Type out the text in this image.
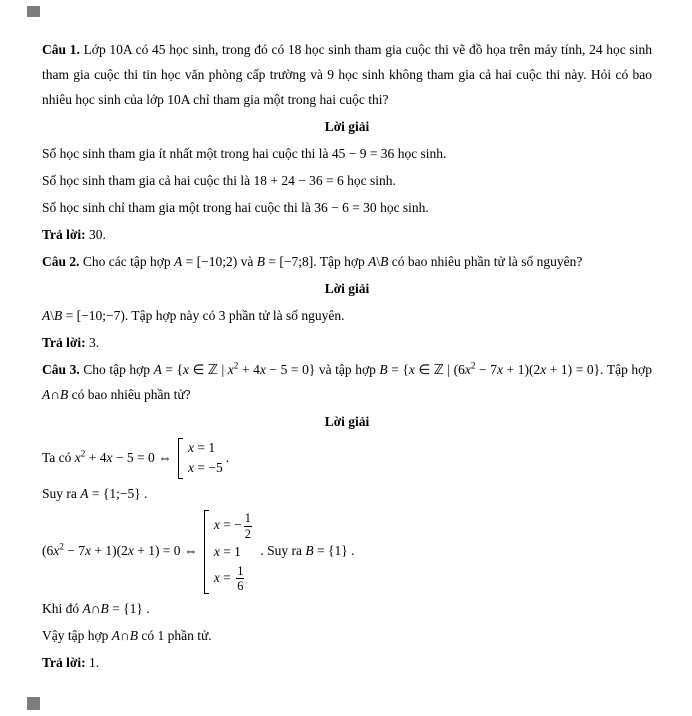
Câu 1. Lớp 10A có 45 học sinh, trong đó có 18 học sinh tham gia cuộc thi vẽ đồ họa trên máy tính, 24 học sinh tham gia cuộc thi tin học văn phòng cấp trường và 9 học sinh không tham gia cả hai cuộc thi này. Hỏi có bao nhiêu học sinh của lớp 10A chỉ tham gia một trong hai cuộc thi?

Lời giải

Số học sinh tham gia ít nhất một trong hai cuộc thi là 45 − 9 = 36 học sinh.

Số học sinh tham gia cả hai cuộc thi là 18 + 24 − 36 = 6 học sinh.

Số học sinh chỉ tham gia một trong hai cuộc thi là 36 − 6 = 30 học sinh.

Trả lời: 30.

Câu 2. Cho các tập hợp A = [−10;2) và B = [−7;8]. Tập hợp A\B có bao nhiêu phần tử là số nguyên?

Lời giải

A\B = [−10;−7). Tập hợp này có 3 phần tử là số nguyên.

Trả lời: 3.

Câu 3. Cho tập hợp A = {x ∈ ℤ | $x^2 + 4x - 5 = 0$} và tập hợp B = {x ∈ ℤ | $(6x^2 - 7x + 1)(2x + 1) = 0$}. Tập hợp A∩B có bao nhiêu phần tử?

Lời giải

Ta có $x^2 + 4x - 5 = 0$ ⇔
x = 1
x = −5
.

Suy ra A = {1;−5} .

$(6x^2 - 7x + 1)(2x + 1) = 0$ ⇔
x = − $\frac{1}{2}$
x = 1
$x = \frac{1}{6}$
. Suy ra B = {1} .

Khi đó A∩B = {1} .

Vậy tập hợp A∩B có 1 phần tử.

Trả lời: 1.
